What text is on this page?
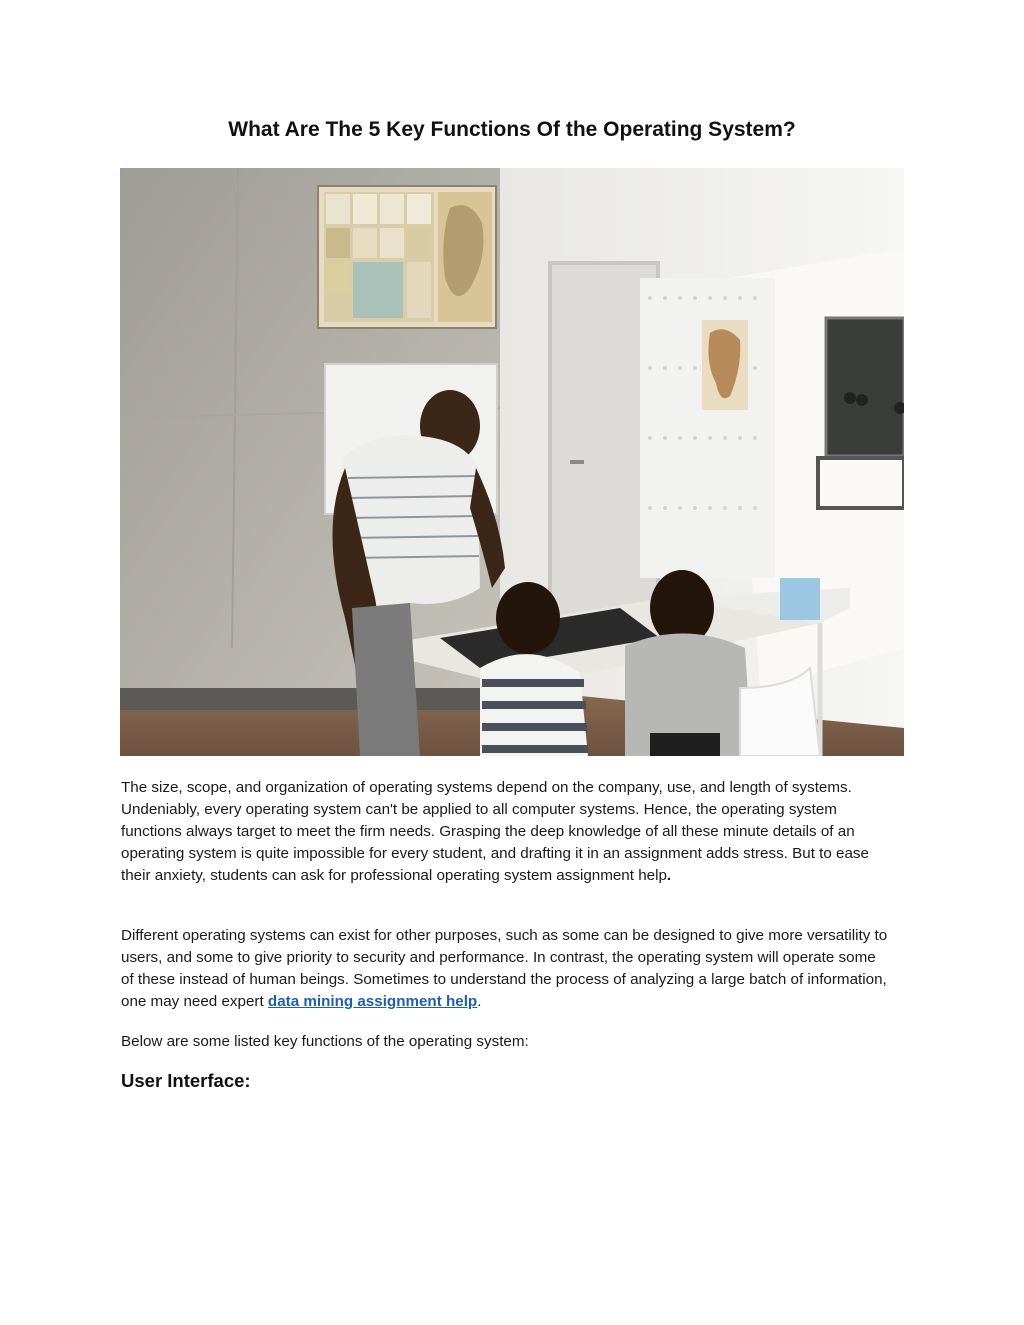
What Are The 5 Key Functions Of the Operating System?

The size, scope, and organization of operating systems depend on the company, use, and length of systems. Undeniably, every operating system can't be applied to all computer systems. Hence, the operating system functions always target to meet the firm needs. Grasping the deep knowledge of all these minute details of an operating system is quite impossible for every student, and drafting it in an assignment adds stress. But to ease their anxiety, students can ask for professional operating system assignment help.

Different operating systems can exist for other purposes, such as some can be designed to give more versatility to users, and some to give priority to security and performance. In contrast, the operating system will operate some of these instead of human beings. Sometimes to understand the process of analyzing a large batch of information, one may need expert data mining assignment help.

Below are some listed key functions of the operating system:

User Interface:
